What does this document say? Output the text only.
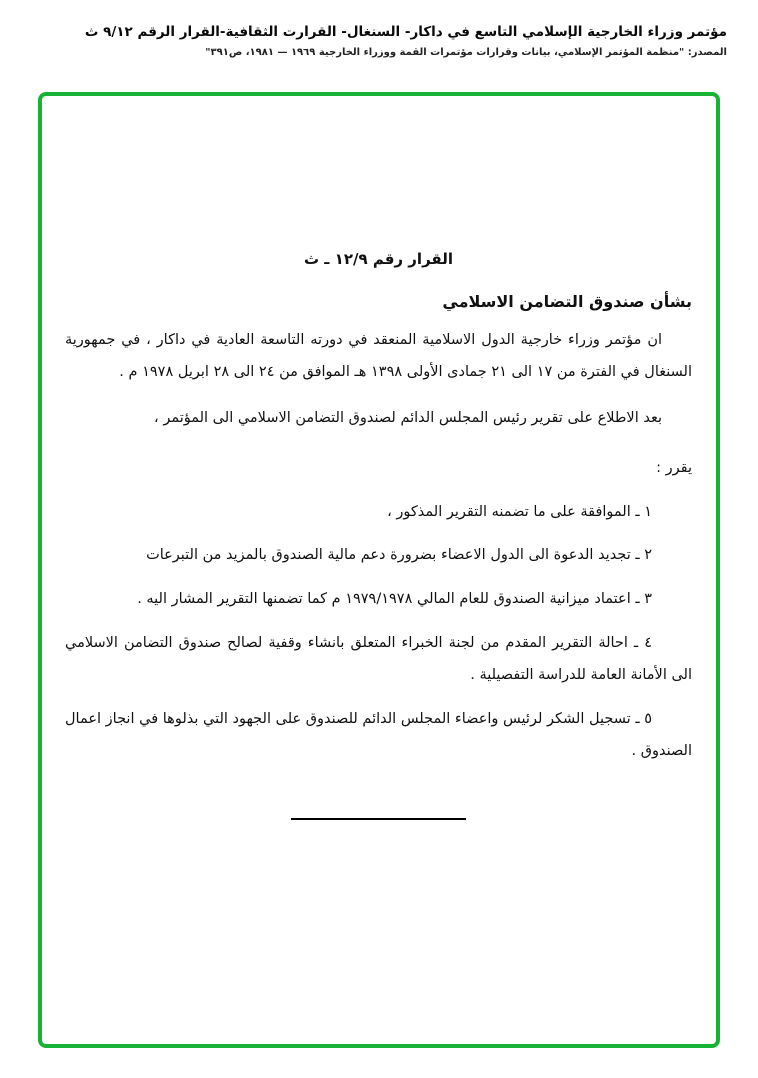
مؤتمر وزراء الخارجية الإسلامي التاسع في داكار- السنغال- القرارت الثقافية-القرار الرقم ٩/١٢ ث
المصدر: "منظمة المؤتمر الإسلامي، بيانات وقرارات مؤتمرات القمة ووزراء الخارجية ١٩٦٩ — ١٩٨١، ص٣٩١"
القرار رقم ١٢/٩ ـ ث
بشأن صندوق التضامن الاسلامي

ان مؤتمر وزراء خارجية الدول الاسلامية المنعقد في دورته التاسعة العادية في داكار ، في جمهورية السنغال في الفترة من ١٧ الى ٢١ جمادى الأولى ١٣٩٨ هـ الموافق من ٢٤ الى ٢٨ ابريل ١٩٧٨ م .

بعد الاطلاع على تقرير رئيس المجلس الدائم لصندوق التضامن الاسلامي الى المؤتمر ،

يقرر :

١ ـ الموافقة على ما تضمنه التقرير المذكور ،

٢ ـ تجديد الدعوة الى الدول الاعضاء بضرورة دعم مالية الصندوق بالمزيد من التبرعات

٣ ـ اعتماد ميزانية الصندوق للعام المالي ١٩٧٩/١٩٧٨ م كما تضمنها التقرير المشار اليه .

٤ ـ احالة التقرير المقدم من لجنة الخبراء المتعلق بانشاء وقفية لصالح صندوق التضامن الاسلامي الى الأمانة العامة للدراسة التفصيلية .

٥ ـ تسجيل الشكر لرئيس واعضاء المجلس الدائم للصندوق على الجهود التي بذلوها في انجاز اعمال الصندوق .
